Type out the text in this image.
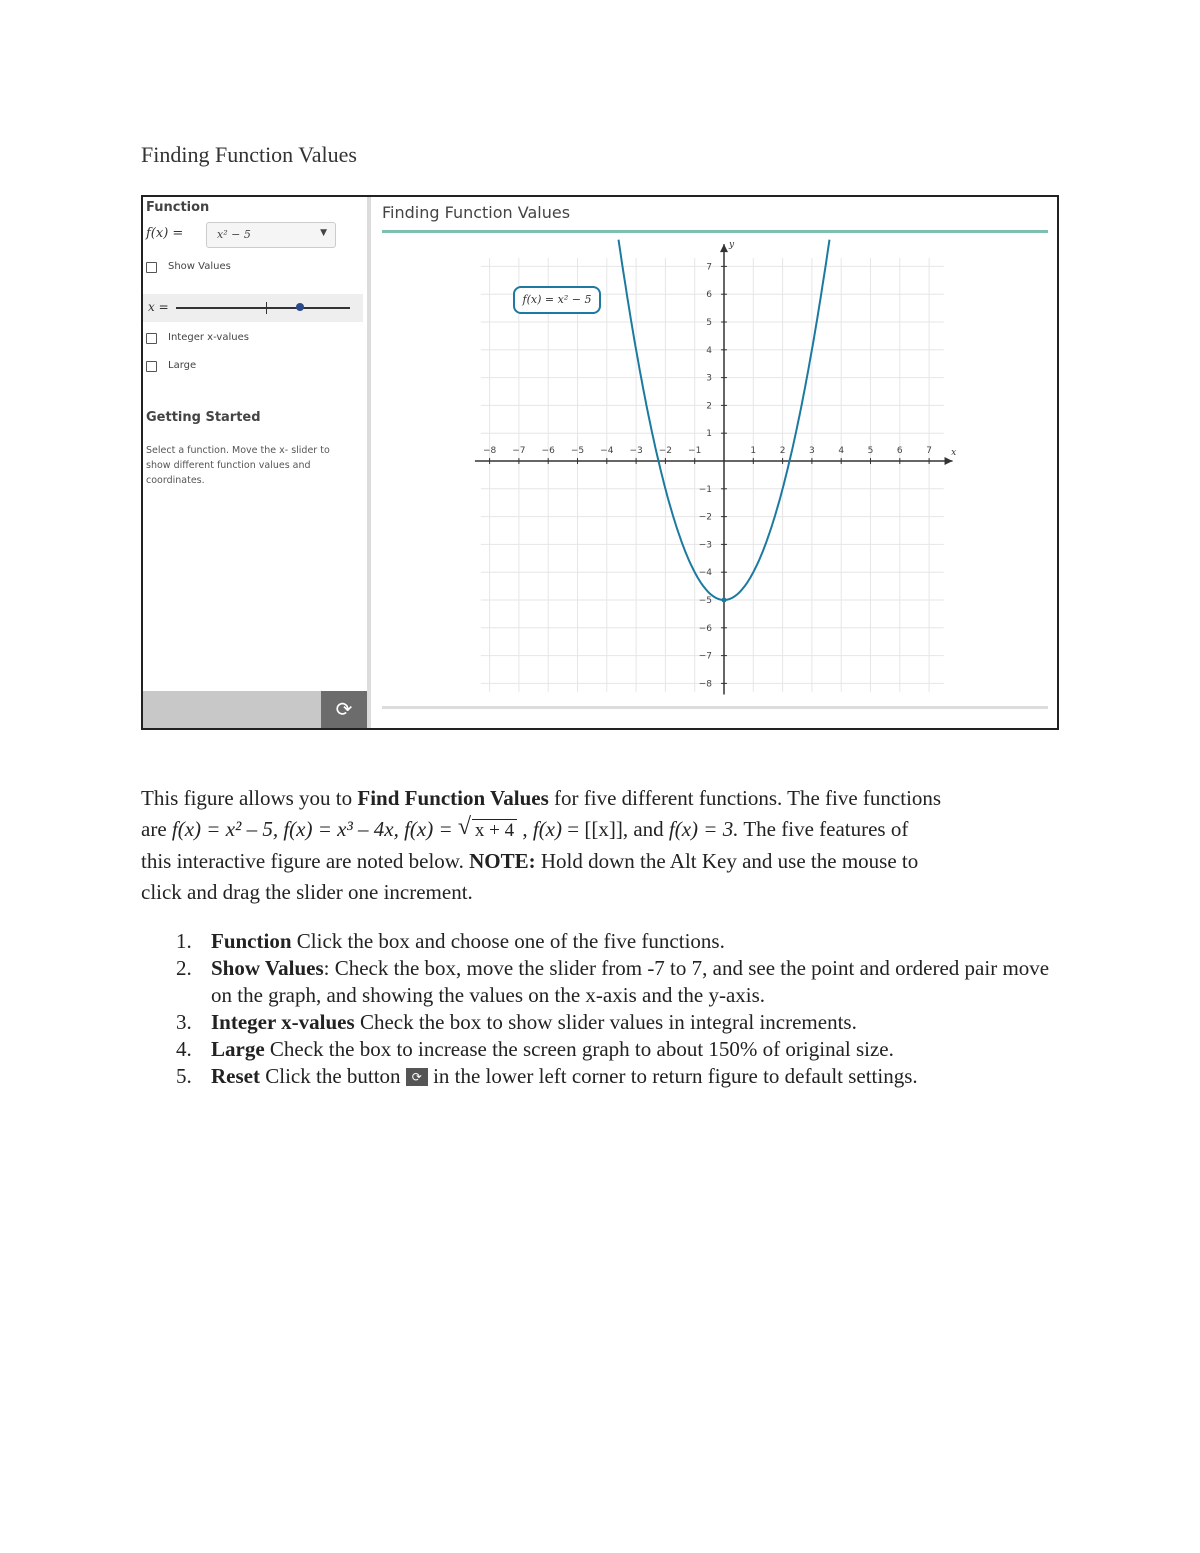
Finding Function Values
Function
f(x) =	x² − 5	▼
Show Values
x =
Integer x-values
Large
Getting Started
Select a function. Move the x- slider to show different function values and coordinates.
⟳
Finding Function Values
x
y
−8 −7 −6 −5 −4 −3 −2 −1	1	2	3	4	5	6	7
−8
−7
−6
−5
−4
−3
−2
−1
1
2
3
4
5
6
7
f(x) = x² − 5
This figure allows you to Find Function Values for five different functions. The five functions
are f(x) = x² – 5, f(x) = x³ – 4x, f(x) = √ x + 4 , f(x) = [[x]], and f(x) = 3. The five features of
this interactive figure are noted below. NOTE: Hold down the Alt Key and use the mouse to
click and drag the slider one increment.

1. Function Click the box and choose one of the five functions.

2. Show Values: Check the box, move the slider from -7 to 7, and see the point and ordered pair move on the graph, and showing the values on the x-axis and the y-axis.

3. Integer x-values Check the box to show slider values in integral increments.

4. Large Check the box to increase the screen graph to about 150% of original size.

5. Reset Click the button ⟳ in the lower left corner to return figure to default settings.
